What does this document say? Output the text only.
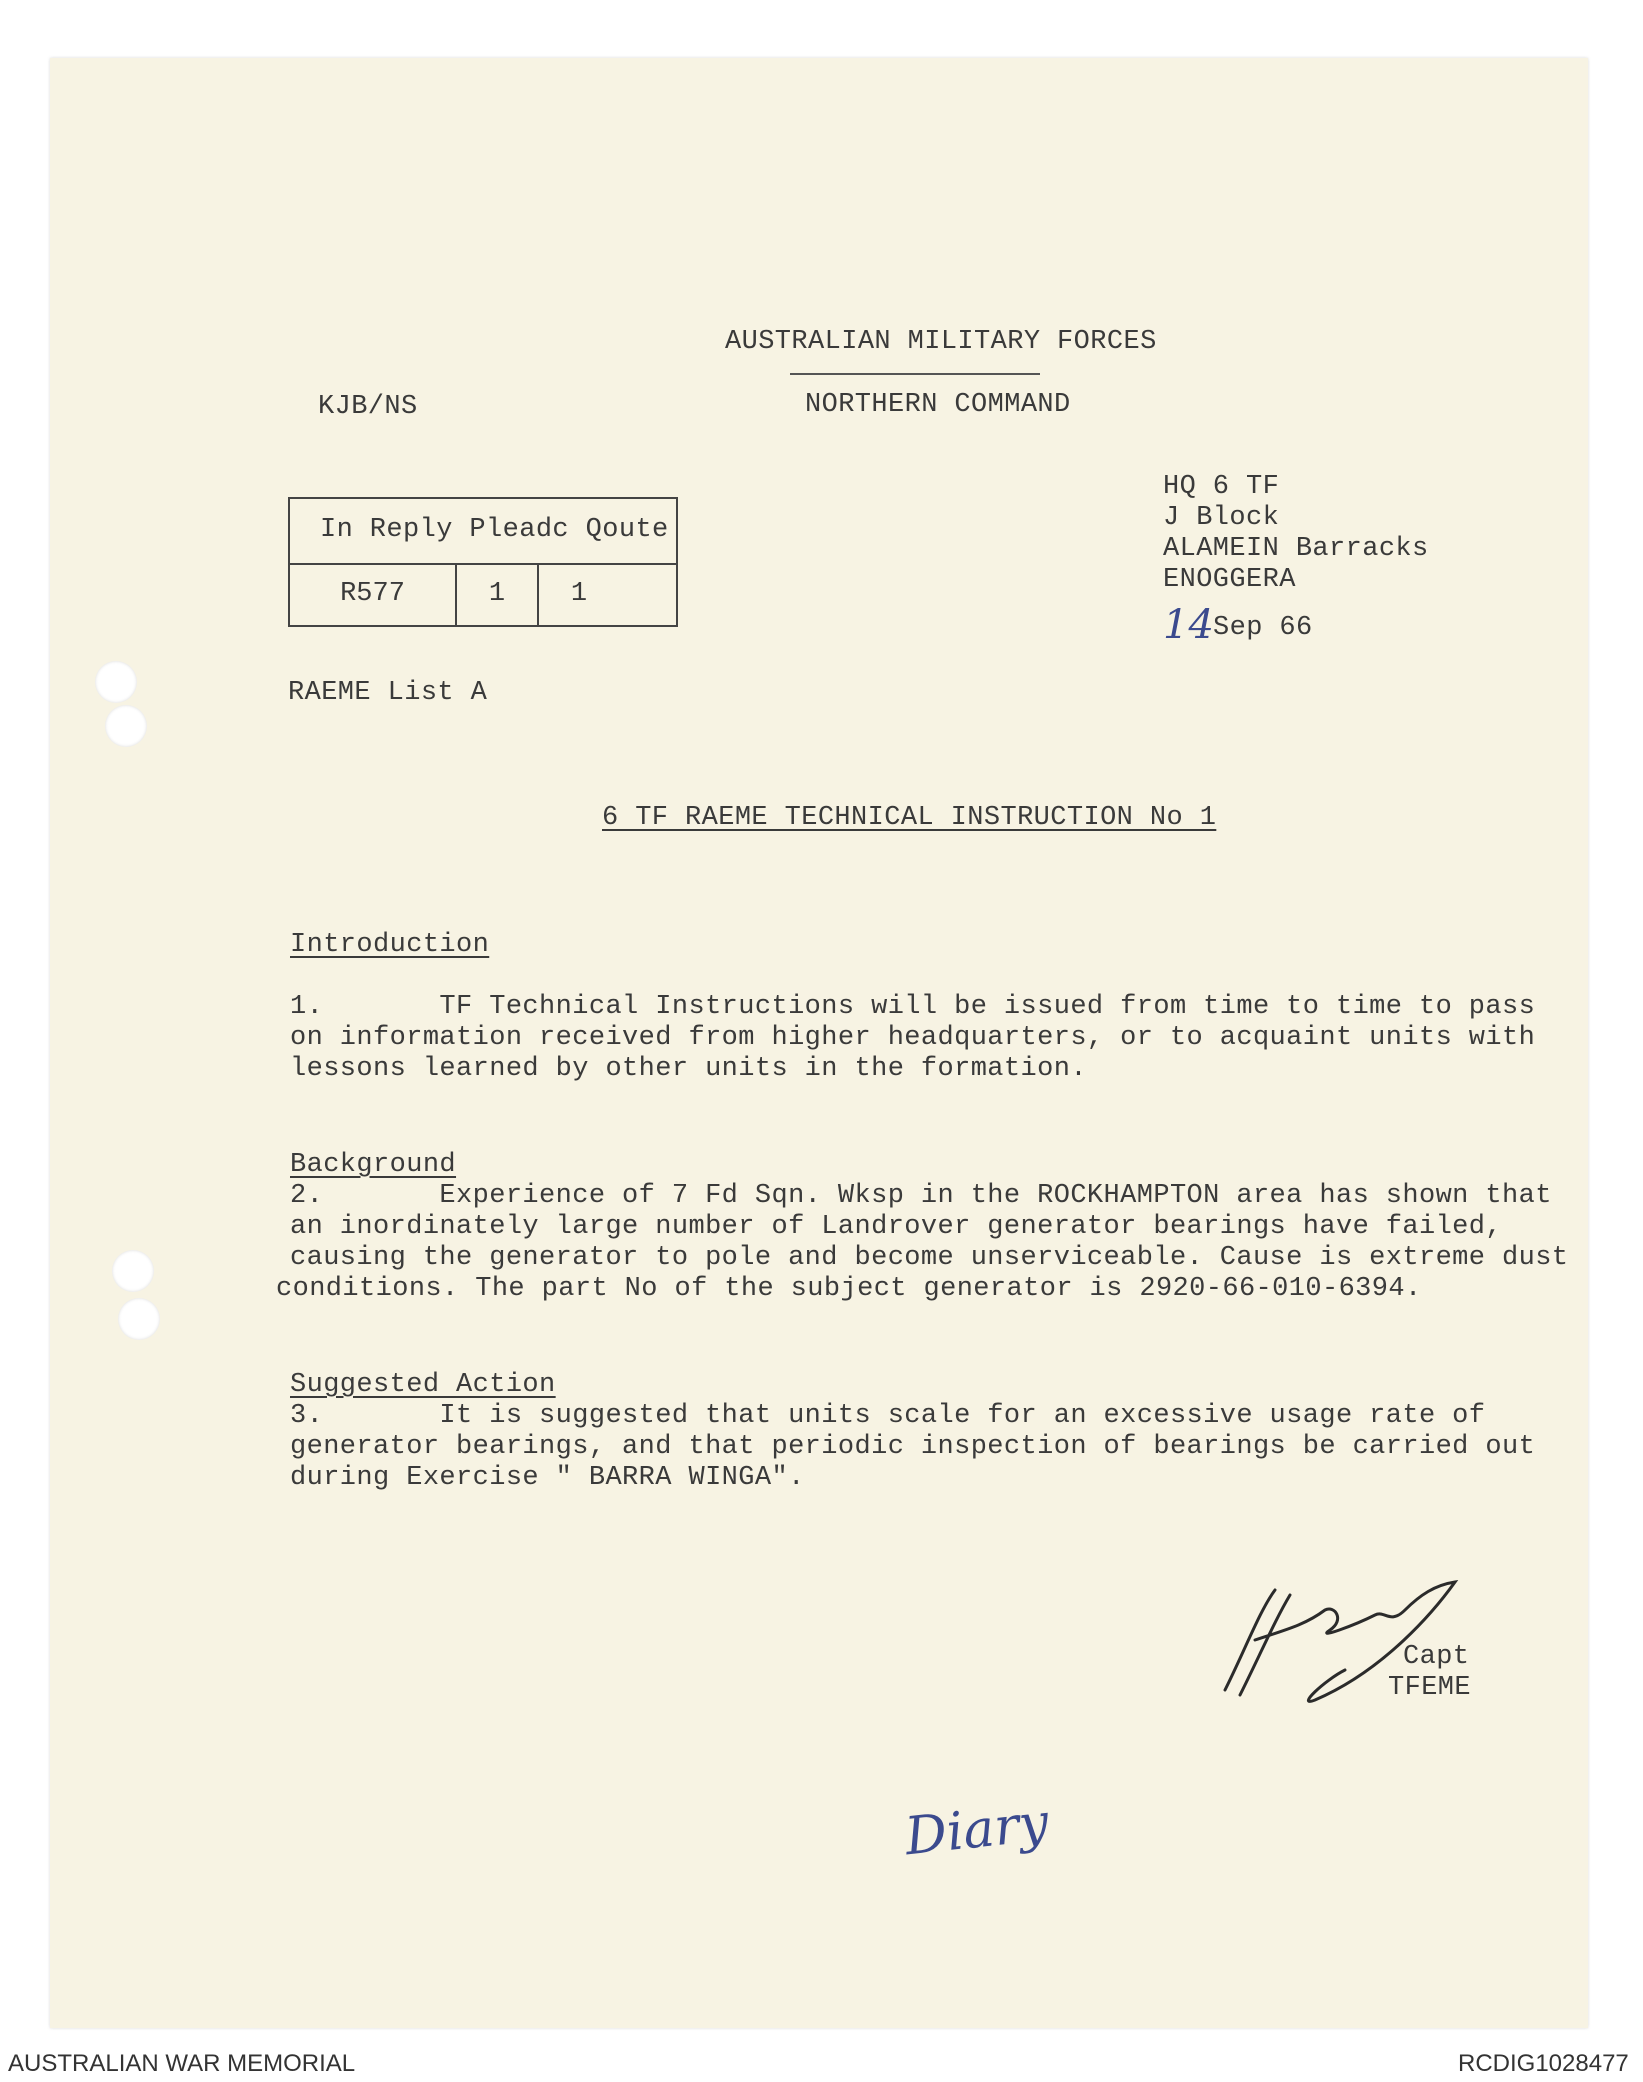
AUSTRALIAN MILITARY FORCES
NORTHERN COMMAND
KJB/NS
In Reply Pleadc Qoute
R577	1	1
HQ 6 TF
J Block
ALAMEIN Barracks
ENOGGERA
14 Sep 66
RAEME List A
6 TF RAEME TECHNICAL INSTRUCTION No 1
Introduction
1.       TF Technical Instructions will be issued from time to time to pass
on information received from higher headquarters, or to acquaint units with
lessons learned by other units in the formation.
Background
2.       Experience of 7 Fd Sqn. Wksp in the ROCKHAMPTON area has shown that
an inordinately large number of Landrover generator bearings have failed,
causing the generator to pole and become unserviceable. Cause is extreme dust
conditions. The part No of the subject generator is 2920-66-010-6394.
Suggested Action
3.       It is suggested that units scale for an excessive usage rate of
generator bearings, and that periodic inspection of bearings be carried out
during Exercise " BARRA WINGA".
Capt
TFEME
Diary
AUSTRALIAN WAR MEMORIAL	RCDIG1028477
